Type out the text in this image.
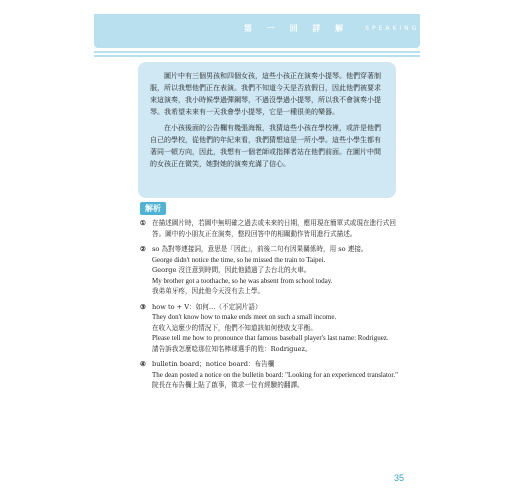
第 一 回 詳 解	SPEAKING

圖片中有三個男孩和四個女孩，這些小孩正在演奏小提琴。他們穿著制服，所以我想他們正在表演。我們不知道今天是否放假日，因此他們被要求來這演奏，我小時候學過彈鋼琴，不過沒學過小提琴，所以我不會演奏小提琴。我希望未來有一天我會學小提琴，它是一種很美的樂器。

在小孩後面的公告欄有幾張海報，我猜這些小孩在學校裡，或許是他們自己的學校，從他們的年紀來看，我們猜想這是一所小學。這些小學生都有著同一頓方向，因此，我想有一個老師或指揮者站在他們前面。在圖片中間的女孩正在微笑，她對她的演奏充滿了信心。

解析
① 在描述圖片時，若圖中無明確之過去或未來的日期，應用現在簡單式或現在進行式回答。圖中的小朋友正在演奏，整段回答中的相關動作皆用進行式描述。
② so 為對等連接詞，意思是「因此」，前後二句有因果關係時，用 so 連接。
George didn't notice the time, so he missed the train to Taipei.
George 沒注意到時間，因此他錯過了去台北的火車。
My brother got a toothache, so he was absent from school today.
我弟弟牙疼，因此他今天沒有去上學。
③ how to + V：如何…（不定詞片語）
They don't know how to make ends meet on such a small income.
在收入這麼少的情況下，他們不知道該如何使收支平衡。
Please tell me how to pronounce that famous baseball player's last name: Rodriguez.
請告訴我怎麼唸那位知名棒球選手的姓：Rodriguez。
④ bulletin board；notice board：布告欄
The dean posted a notice on the bulletin board: "Looking for an experienced translator."
院長在布告欄上貼了啟事，徵求一位有經驗的翻譯。
35
